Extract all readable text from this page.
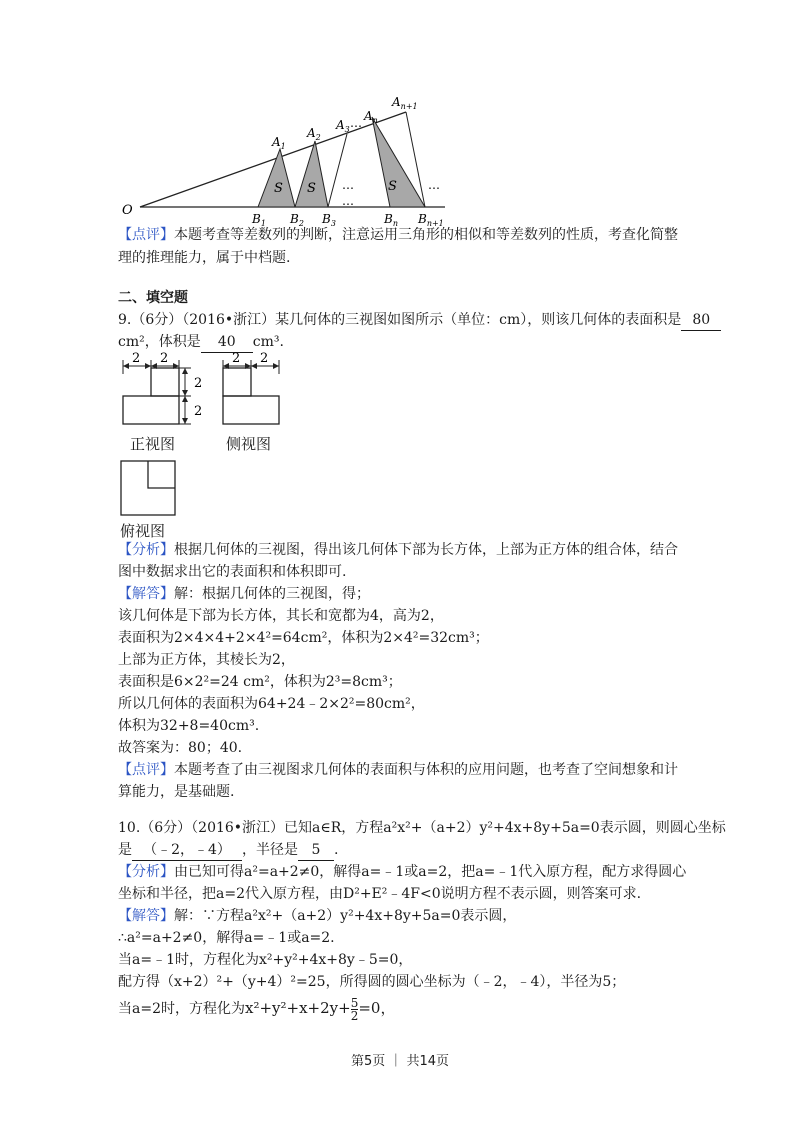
S S	S
…	…
…
…
O
$A_1$
$A_2$
$A_3$
$A_n$
$A_{n+1}$
$B_1$ $B_2$ $B_3$	$B_n$ $B_{n+1}$
【点评】本题考查等差数列的判断，注意运用三角形的相似和等差数列的性质，考查化简整
理的推理能力，属于中档题.
二、填空题
9.（6分）（2016•浙江）某几何体的三视图如图所示（单位：cm），则该几何体的表面积是 80
cm²，体积是 40 cm³.
2 2
2
2
2 2
正视图	侧视图
俯视图
【分析】根据几何体的三视图，得出该几何体下部为长方体，上部为正方体的组合体，结合
图中数据求出它的表面积和体积即可.
【解答】解：根据几何体的三视图，得；
该几何体是下部为长方体，其长和宽都为4，高为2，
表面积为2×4×4+2×4²=64cm²，体积为2×4²=32cm³；
上部为正方体，其棱长为2，
表面积是6×2²=24 cm²，体积为2³=8cm³；
所以几何体的表面积为64+24﹣2×2²=80cm²，
体积为32+8=40cm³.
故答案为：80；40.
【点评】本题考查了由三视图求几何体的表面积与体积的应用问题，也考查了空间想象和计
算能力，是基础题.
10.（6分）（2016•浙江）已知a∈R，方程a²x²+（a+2）y²+4x+8y+5a=0表示圆，则圆心坐标
是 （﹣2，﹣4） ，半径是 5 .
【分析】由已知可得a²=a+2≠0，解得a=﹣1或a=2，把a=﹣1代入原方程，配方求得圆心
坐标和半径，把a=2代入原方程，由D²+E²﹣4F<0说明方程不表示圆，则答案可求.
【解答】解：∵方程a²x²+（a+2）y²+4x+8y+5a=0表示圆，
∴a²=a+2≠0，解得a=﹣1或a=2.
当a=﹣1时，方程化为x²+y²+4x+8y﹣5=0，
配方得（x+2）²+（y+4）²=25，所得圆的圆心坐标为（﹣2，﹣4），半径为5；
当a=2时，方程化为$x^2+y^2+x+2y+ \frac{5}{2} =0$，
第5页 ｜ 共14页
